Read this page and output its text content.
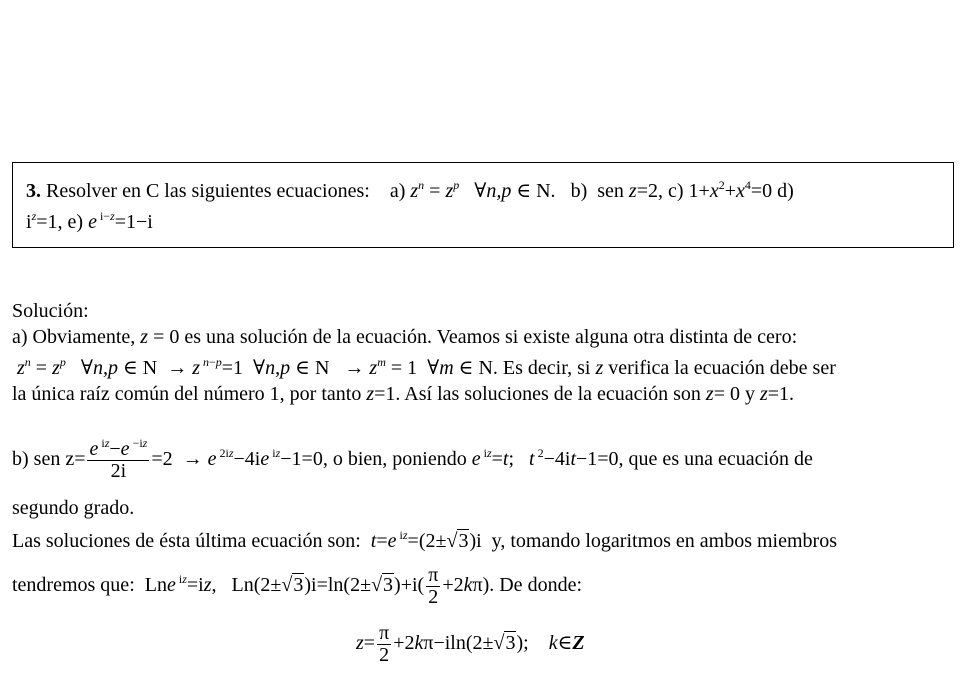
3. Resolver en C las siguientes ecuaciones: a) $z^n = z^p$   ∀n,p ∈ N. b) sen z=2, c) $1+x^2+x^4=0$ d)
$i^z=1$, e) e $^{i-z}$=1−i
Solución:
a) Obviamente, z = 0 es una solución de la ecuación. Veamos si existe alguna otra distinta de cero:
$z^n = z^p$   ∀n,p ∈ N  → z $^{n-p}$=1  ∀n,p ∈ $N \to z^m = 1$  ∀m ∈ N. Es decir, si z verifica la ecuación debe ser
la única raíz común del número 1, por tanto z=1. Así las soluciones de la ecuación son z= 0 y z=1.
b) sen $z= \frac{e ^{iz}-e ^{-iz}}{2i} =2 \to e$ $^{2iz}$−4ie $^{iz}$−1=0, o bien, poniendo e $^{iz}$=t;   t $^2$−4it−1=0, que es una ecuación de
segundo grado.
Las soluciones de ésta última ecuación son:  t=e $^{iz}$=(2±√3)i  y, tomando logaritmos en ambos miembros
tendremos que:  Lne $^{iz}$=iz,   $Ln(2\pm√3)i=\ln(2\pm√3)+i( \frac{\pi}{2} +2k\pi)$. De donde:
$z= \frac{\pi}{2} +2k\pi-iln(2\pm√3)$;    k∈Z
